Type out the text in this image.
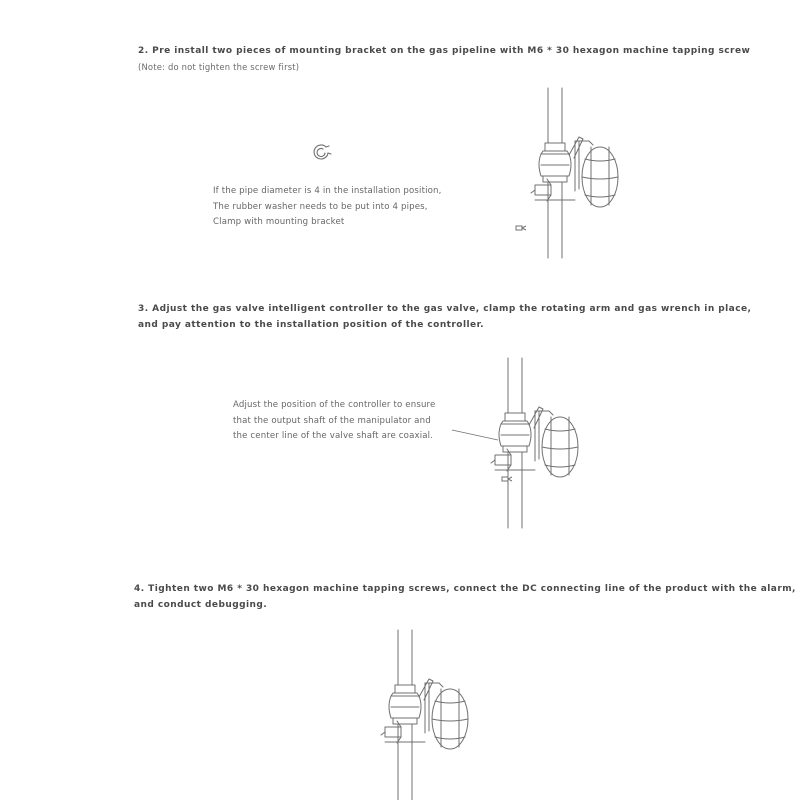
2. Pre install two pieces of mounting bracket on the gas pipeline with M6 * 30 hexagon machine tapping screw

(Note: do not tighten the screw first)

If the pipe diameter is 4 in the installation position,
The rubber washer needs to be put into 4 pipes,
Clamp with mounting bracket
3. Adjust the gas valve intelligent controller to the gas valve, clamp the rotating arm and gas wrench in place,
and pay attention to the installation position of the controller.
Adjust the position of the controller to ensure
that the output shaft of the manipulator and
the center line of the valve shaft are coaxial.
4. Tighten two M6 * 30 hexagon machine tapping screws, connect the DC connecting line of the product with the alarm,
and conduct debugging.
